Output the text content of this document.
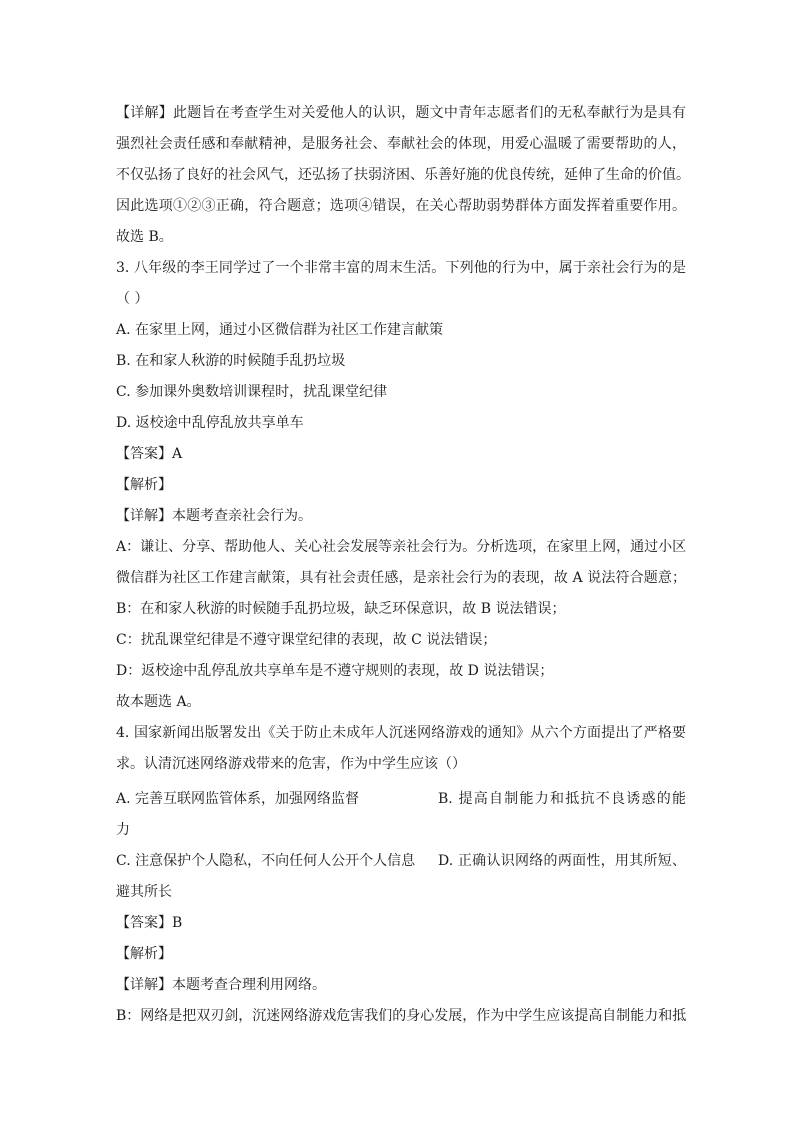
【详解】此题旨在考查学生对关爱他人的认识，题文中青年志愿者们的无私奉献行为是具有
强烈社会责任感和奉献精神，是服务社会、奉献社会的体现，用爱心温暖了需要帮助的人，
不仅弘扬了良好的社会风气，还弘扬了扶弱济困、乐善好施的优良传统，延伸了生命的价值。
因此选项①②③正确，符合题意；选项④错误，在关心帮助弱势群体方面发挥着重要作用。
故选 B。
3. 八年级的李王同学过了一个非常丰富的周末生活。下列他的行为中，属于亲社会行为的是
（ ）
A. 在家里上网，通过小区微信群为社区工作建言献策
B. 在和家人秋游的时候随手乱扔垃圾
C. 参加课外奥数培训课程时，扰乱课堂纪律
D. 返校途中乱停乱放共享单车
【答案】A
【解析】
【详解】本题考查亲社会行为。
A：谦让、分享、帮助他人、关心社会发展等亲社会行为。分析选项，在家里上网，通过小区
微信群为社区工作建言献策，具有社会责任感，是亲社会行为的表现，故 A 说法符合题意；
B：在和家人秋游的时候随手乱扔垃圾，缺乏环保意识，故 B 说法错误；
C：扰乱课堂纪律是不遵守课堂纪律的表现，故 C 说法错误；
D：返校途中乱停乱放共享单车是不遵守规则的表现，故 D 说法错误；
故本题选 A。
4. 国家新闻出版署发出《关于防止未成年人沉迷网络游戏的通知》从六个方面提出了严格要
求。认清沉迷网络游戏带来的危害，作为中学生应该（）
A. 完善互联网监管体系，加强网络监督	B. 提高自制能力和抵抗不良诱惑的能
力
C. 注意保护个人隐私，不向任何人公开个人信息 D. 正确认识网络的两面性，用其所短、
避其所长
【答案】B
【解析】
【详解】本题考查合理利用网络。
B：网络是把双刃剑，沉迷网络游戏危害我们的身心发展，作为中学生应该提高自制能力和抵
